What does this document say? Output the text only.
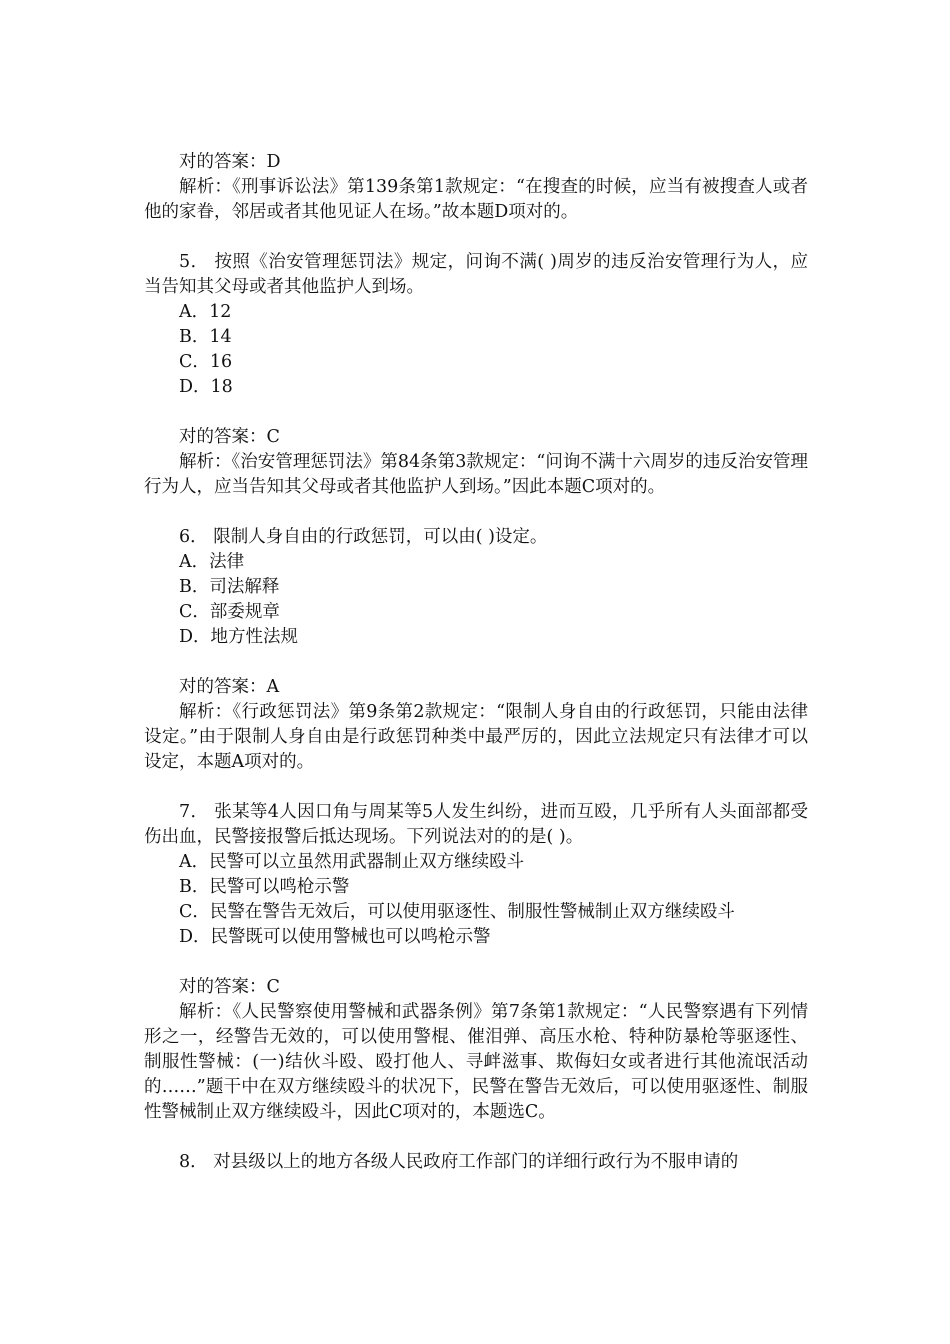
对的答案：D

解析：《刑事诉讼法》第139条第1款规定：“在搜查的时候，应当有被搜查人或者他的家眷，邻居或者其他见证人在场。”故本题D项对的。

5． 按照《治安管理惩罚法》规定，问询不满( )周岁的违反治安管理行为人，应当告知其父母或者其他监护人到场。

A．12

B．14

C．16

D．18

对的答案：C

解析：《治安管理惩罚法》第84条第3款规定：“问询不满十六周岁的违反治安管理行为人，应当告知其父母或者其他监护人到场。”因此本题C项对的。

6． 限制人身自由的行政惩罚，可以由( )设定。

A．法律

B．司法解释

C．部委规章

D．地方性法规

对的答案：A

解析：《行政惩罚法》第9条第2款规定：“限制人身自由的行政惩罚，只能由法律设定。”由于限制人身自由是行政惩罚种类中最严厉的，因此立法规定只有法律才可以设定，本题A项对的。

7． 张某等4人因口角与周某等5人发生纠纷，进而互殴，几乎所有人头面部都受伤出血，民警接报警后抵达现场。下列说法对的的是( )。

A．民警可以立虽然用武器制止双方继续殴斗

B．民警可以鸣枪示警

C．民警在警告无效后，可以使用驱逐性、制服性警械制止双方继续殴斗

D．民警既可以使用警械也可以鸣枪示警

对的答案：C

解析：《人民警察使用警械和武器条例》第7条第1款规定：“人民警察遇有下列情形之一，经警告无效的，可以使用警棍、催泪弹、高压水枪、特种防暴枪等驱逐性、制服性警械：(一)结伙斗殴、殴打他人、寻衅滋事、欺侮妇女或者进行其他流氓活动的……”题干中在双方继续殴斗的状况下，民警在警告无效后，可以使用驱逐性、制服性警械制止双方继续殴斗，因此C项对的，本题选C。

8． 对县级以上的地方各级人民政府工作部门的详细行政行为不服申请的
